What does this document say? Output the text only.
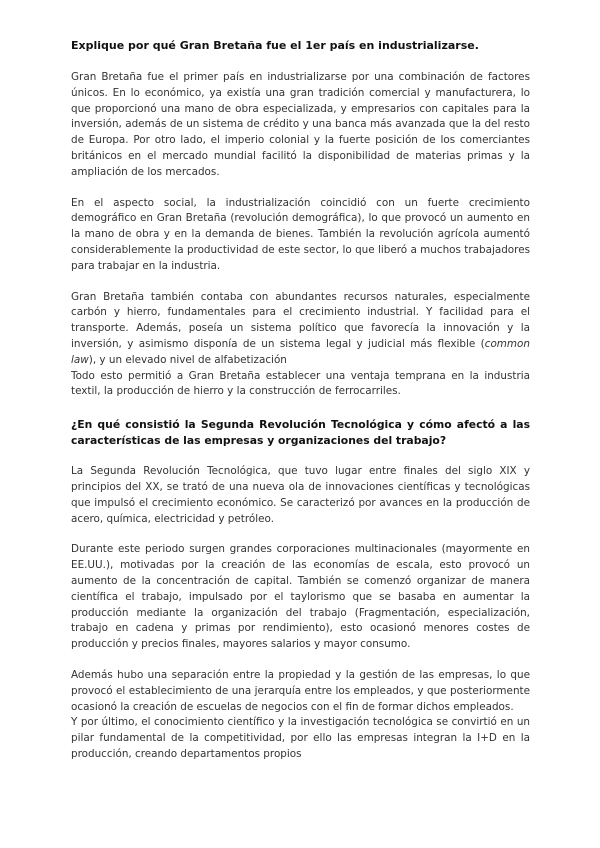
Explique por qué Gran Bretaña fue el 1er país en industrializarse.

Gran Bretaña fue el primer país en industrializarse por una combinación de factores únicos. En lo económico, ya existía una gran tradición comercial y manufacturera, lo que proporcionó una mano de obra especializada, y empresarios con capitales para la inversión, además de un sistema de crédito y una banca más avanzada que la del resto de Europa. Por otro lado, el imperio colonial y la fuerte posición de los comerciantes británicos en el mercado mundial facilitó la disponibilidad de materias primas y la ampliación de los mercados.

En el aspecto social, la industrialización coincidió con un fuerte crecimiento demográfico en Gran Bretaña (revolución demográfica), lo que provocó un aumento en la mano de obra y en la demanda de bienes. También la revolución agrícola aumentó considerablemente la productividad de este sector, lo que liberó a muchos trabajadores para trabajar en la industria.

Gran Bretaña también contaba con abundantes recursos naturales, especialmente carbón y hierro, fundamentales para el crecimiento industrial. Y facilidad para el transporte. Además, poseía un sistema político que favorecía la innovación y la inversión, y asimismo disponía de un sistema legal y judicial más flexible (common law), y un elevado nivel de alfabetización

Todo esto permitió a Gran Bretaña establecer una ventaja temprana en la industria textil, la producción de hierro y la construcción de ferrocarriles.

¿En qué consistió la Segunda Revolución Tecnológica y cómo afectó a las características de las empresas y organizaciones del trabajo?

La Segunda Revolución Tecnológica, que tuvo lugar entre finales del siglo XIX y principios del XX, se trató de una nueva ola de innovaciones científicas y tecnológicas que impulsó el crecimiento económico. Se caracterizó por avances en la producción de acero, química, electricidad y petróleo.

Durante este periodo surgen grandes corporaciones multinacionales (mayormente en EE.UU.), motivadas por la creación de las economías de escala, esto provocó un aumento de la concentración de capital. También se comenzó organizar de manera científica el trabajo, impulsado por el taylorismo que se basaba en aumentar la producción mediante la organización del trabajo (Fragmentación, especialización, trabajo en cadena y primas por rendimiento), esto ocasionó menores costes de producción y precios finales, mayores salarios y mayor consumo.

Además hubo una separación entre la propiedad y la gestión de las empresas, lo que provocó el establecimiento de una jerarquía entre los empleados, y que posteriormente ocasionó la creación de escuelas de negocios con el fin de formar dichos empleados.

Y por último, el conocimiento científico y la investigación tecnológica se convirtió en un pilar fundamental de la competitividad, por ello las empresas integran la I+D en la producción, creando departamentos propios
